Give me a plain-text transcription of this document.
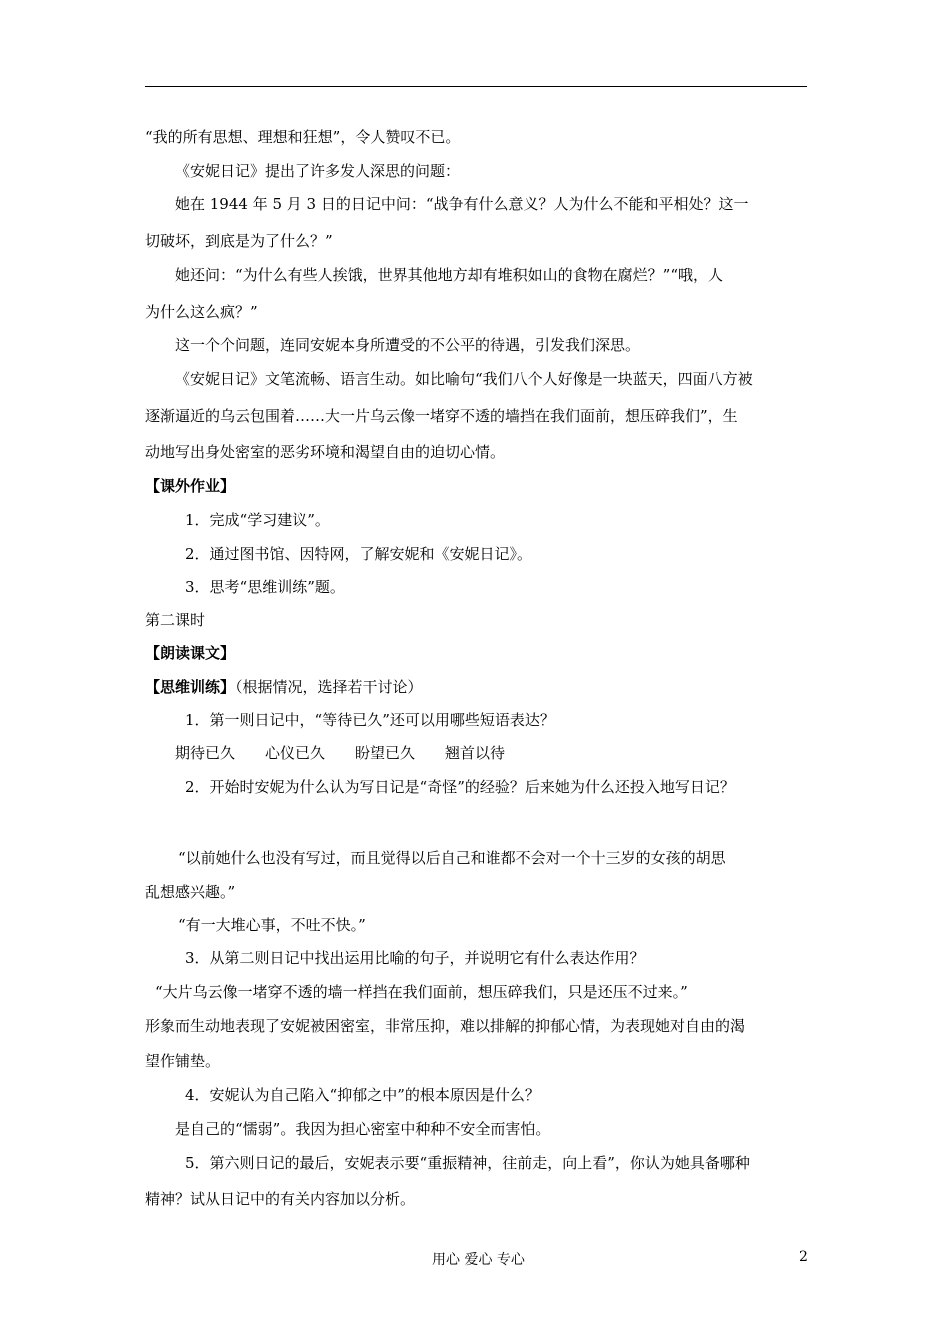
“我的所有思想、理想和狂想”，令人赞叹不已。
《安妮日记》提出了许多发人深思的问题：
她在 1944 年 5 月 3 日的日记中问：“战争有什么意义？人为什么不能和平相处？这一
切破坏，到底是为了什么？”
她还问：“为什么有些人挨饿，世界其他地方却有堆积如山的食物在腐烂？”“哦，人
为什么这么疯？”
这一个个问题，连同安妮本身所遭受的不公平的待遇，引发我们深思。
《安妮日记》文笔流畅、语言生动。如比喻句“我们八个人好像是一块蓝天，四面八方被
逐渐逼近的乌云包围着……大一片乌云像一堵穿不透的墙挡在我们面前，想压碎我们”，生
动地写出身处密室的恶劣环境和渴望自由的迫切心情。
【课外作业】
1．完成“学习建议”。
2．通过图书馆、因特网，了解安妮和《安妮日记》。
3．思考“思维训练”题。
第二课时
【朗读课文】
【思维训练】（根据情况，选择若干讨论）
1．第一则日记中，“等待已久”还可以用哪些短语表达？
期待已久 心仪已久 盼望已久 翘首以待
2．开始时安妮为什么认为写日记是“奇怪”的经验？后来她为什么还投入地写日记？
“以前她什么也没有写过，而且觉得以后自己和谁都不会对一个十三岁的女孩的胡思
乱想感兴趣。”
“有一大堆心事，不吐不快。”
3．从第二则日记中找出运用比喻的句子，并说明它有什么表达作用？
“大片乌云像一堵穿不透的墙一样挡在我们面前，想压碎我们，只是还压不过来。”
形象而生动地表现了安妮被困密室，非常压抑，难以排解的抑郁心情，为表现她对自由的渴
望作铺垫。
4．安妮认为自己陷入“抑郁之中”的根本原因是什么？
是自己的“懦弱”。我因为担心密室中种种不安全而害怕。
5．第六则日记的最后，安妮表示要“重振精神，往前走，向上看”，你认为她具备哪种
精神？试从日记中的有关内容加以分析。
用心 爱心 专心	2
